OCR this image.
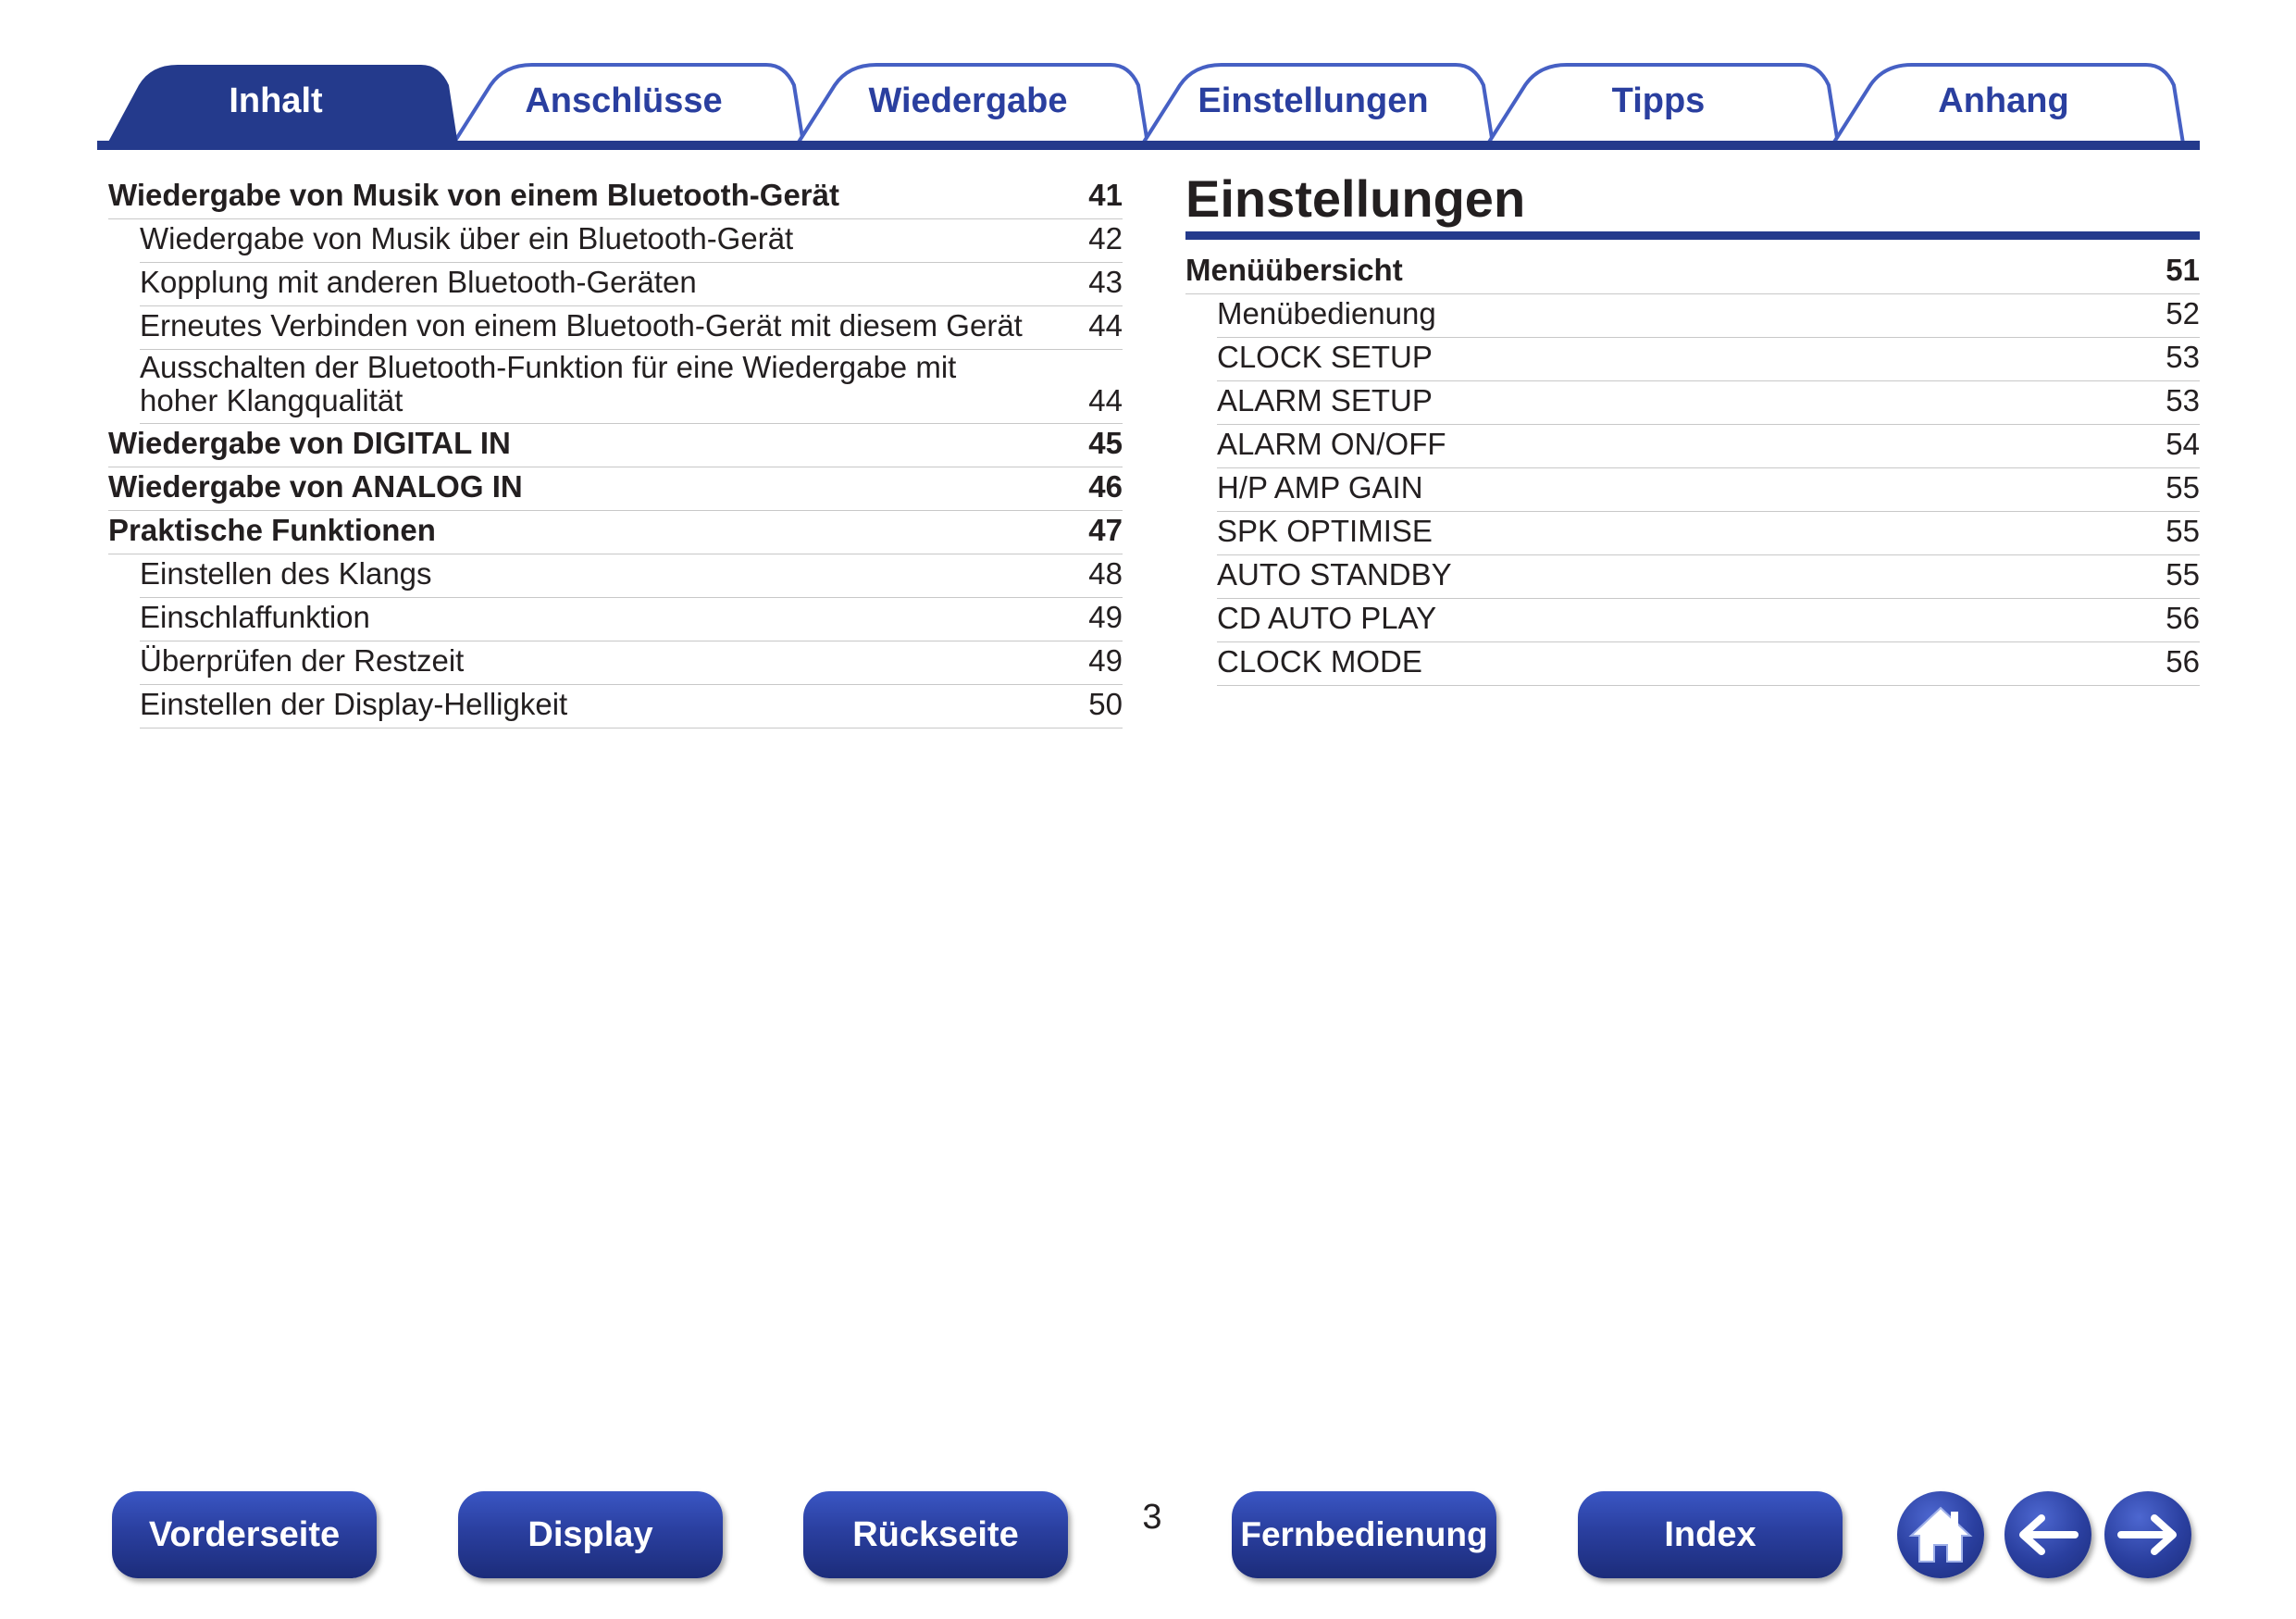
Anschlüsse	Wiedergabe	Einstellungen	Tipps	Anhang
Inhalt
Wiedergabe von Musik von einem Bluetooth-Gerät	41
Wiedergabe von Musik über ein Bluetooth-Gerät	42
Kopplung mit anderen Bluetooth-Geräten	43
Erneutes Verbinden von einem Bluetooth-Gerät mit diesem Gerät	44
Ausschalten der Bluetooth-Funktion für eine Wiedergabe mit hoher Klangqualität	44
Wiedergabe von DIGITAL IN	45
Wiedergabe von ANALOG IN	46
Praktische Funktionen	47
Einstellen des Klangs	48
Einschlaffunktion	49
Überprüfen der Restzeit	49
Einstellen der Display-Helligkeit	50
Einstellungen
Menüübersicht	51
Menübedienung	52
CLOCK SETUP	53
ALARM SETUP	53
ALARM ON/OFF	54
H/P AMP GAIN	55
SPK OPTIMISE	55
AUTO STANDBY	55
CD AUTO PLAY	56
CLOCK MODE	56
3
Vorderseite	Display	Rückseite	Fernbedienung	Index
